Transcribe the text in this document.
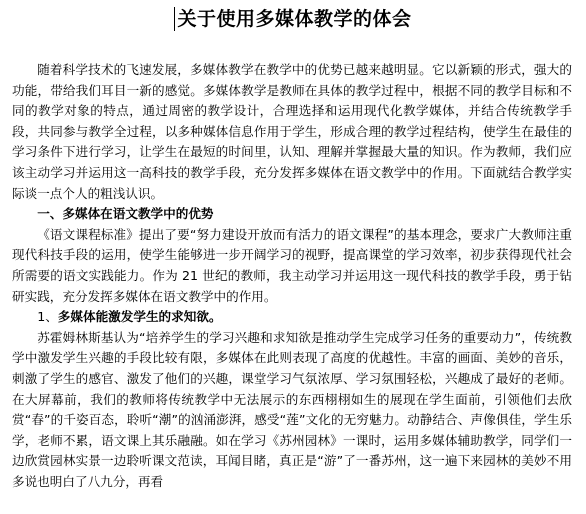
关于使用多媒体教学的体会

随着科学技术的飞速发展，多媒体教学在教学中的优势已越来越明显。它以新颖的形式，强大的功能，带给我们耳目一新的感觉。多媒体教学是教师在具体的教学过程中，根据不同的教学目标和不同的教学对象的特点，通过周密的教学设计，合理选择和运用现代化教学媒体，并结合传统教学手段，共同参与教学全过程，以多种媒体信息作用于学生，形成合理的教学过程结构，使学生在最佳的学习条件下进行学习，让学生在最短的时间里，认知、理解并掌握最大量的知识。作为教师，我们应该主动学习并运用这一高科技的教学手段，充分发挥多媒体在语文教学中的作用。下面就结合教学实际谈一点个人的粗浅认识。

一、多媒体在语文教学中的优势

《语文课程标准》提出了要“努力建设开放而有活力的语文课程”的基本理念，要求广大教师注重现代科技手段的运用，使学生能够进一步开阔学习的视野，提高课堂的学习效率，初步获得现代社会所需要的语文实践能力。作为 21 世纪的教师，我主动学习并运用这一现代科技的教学手段，勇于钻研实践，充分发挥多媒体在语文教学中的作用。

1、多媒体能激发学生的求知欲。

苏霍姆林斯基认为“培养学生的学习兴趣和求知欲是推动学生完成学习任务的重要动力”，传统教学中激发学生兴趣的手段比较有限，多媒体在此则表现了高度的优越性。丰富的画面、美妙的音乐，刺激了学生的感官、激发了他们的兴趣，课堂学习气氛浓厚、学习氛围轻松，兴趣成了最好的老师。在大屏幕前，我们的教师将传统教学中无法展示的东西栩栩如生的展现在学生面前，引领他们去欣赏“春”的千姿百态，聆听“潮”的汹涌澎湃，感受“莲”文化的无穷魅力。动静结合、声像俱佳，学生乐学，老师不累，语文课上其乐融融。如在学习《苏州园林》一课时，运用多媒体辅助教学，同学们一边欣赏园林实景一边聆听课文范读，耳闻目睹，真正是“游”了一番苏州，这一遍下来园林的美妙不用多说也明白了八九分，再看
